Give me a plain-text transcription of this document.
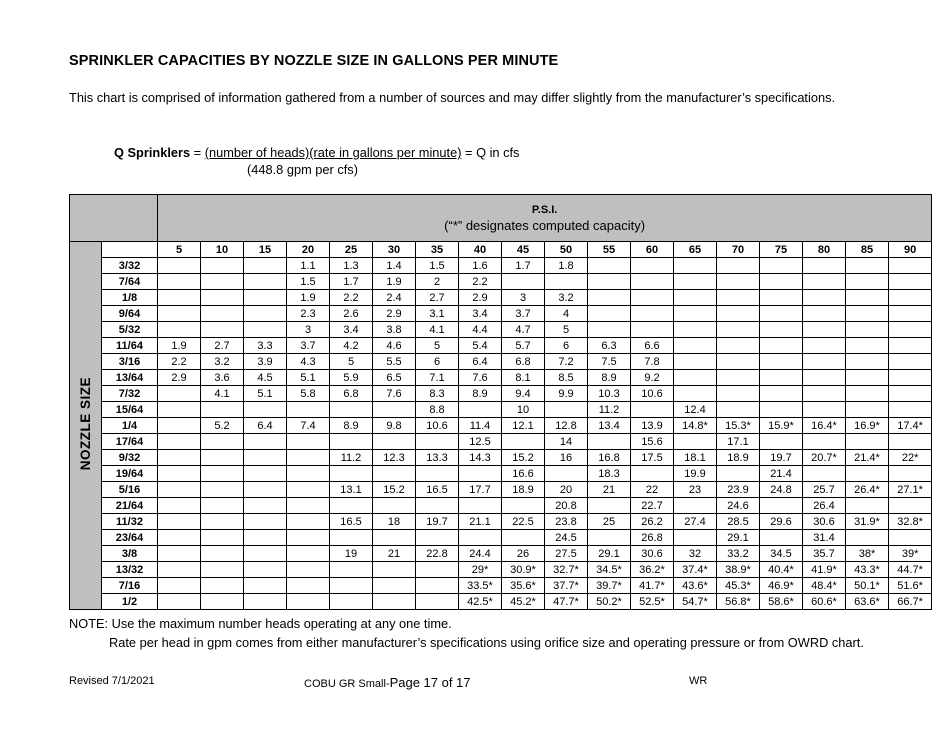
SPRINKLER CAPACITIES BY NOZZLE SIZE IN GALLONS PER MINUTE
This chart is comprised of information gathered from a number of sources and may differ slightly from the manufacturer’s specifications.
Q Sprinklers = (number of heads)(rate in gallons per minute) = Q in cfs
(448.8 gpm per cfs)

		P.S.I.
(“*” designates computed capacity)																	

NOZZLE SIZE		5	10	15	20	25	30	35	40	45	50	55	60	65	70	75	80	85	90
	3/32				1.1	1.3	1.4	1.5	1.6	1.7	1.8								
	7/64				1.5	1.7	1.9	2	2.2										
	1/8				1.9	2.2	2.4	2.7	2.9	3	3.2								
	9/64				2.3	2.6	2.9	3.1	3.4	3.7	4								
	5/32				3	3.4	3.8	4.1	4.4	4.7	5								
	11/64	1.9	2.7	3.3	3.7	4.2	4.6	5	5.4	5.7	6	6.3	6.6						
	3/16	2.2	3.2	3.9	4.3	5	5.5	6	6.4	6.8	7.2	7.5	7.8						
	13/64	2.9	3.6	4.5	5.1	5.9	6.5	7.1	7.6	8.1	8.5	8.9	9.2						
	7/32		4.1	5.1	5.8	6.8	7.6	8.3	8.9	9.4	9.9	10.3	10.6						
	15/64							8.8		10		11.2		12.4					
	1/4		5.2	6.4	7.4	8.9	9.8	10.6	11.4	12.1	12.8	13.4	13.9	14.8*	15.3*	15.9*	16.4*	16.9*	17.4*
	17/64								12.5		14		15.6		17.1				
	9/32					11.2	12.3	13.3	14.3	15.2	16	16.8	17.5	18.1	18.9	19.7	20.7*	21.4*	22*
	19/64									16.6		18.3		19.9		21.4			
	5/16					13.1	15.2	16.5	17.7	18.9	20	21	22	23	23.9	24.8	25.7	26.4*	27.1*
	21/64										20.8		22.7		24.6		26.4		
	11/32					16.5	18	19.7	21.1	22.5	23.8	25	26.2	27.4	28.5	29.6	30.6	31.9*	32.8*
	23/64										24.5		26.8		29.1		31.4		
	3/8					19	21	22.8	24.4	26	27.5	29.1	30.6	32	33.2	34.5	35.7	38*	39*
	13/32								29*	30.9*	32.7*	34.5*	36.2*	37.4*	38.9*	40.4*	41.9*	43.3*	44.7*
	7/16								33.5*	35.6*	37.7*	39.7*	41.7*	43.6*	45.3*	46.9*	48.4*	50.1*	51.6*
	1/2								42.5*	45.2*	47.7*	50.2*	52.5*	54.7*	56.8*	58.6*	60.6*	63.6*	66.7*
NOTE: Use the maximum number heads operating at any one time.
Rate per head in gpm comes from either manufacturer’s specifications using orifice size and operating pressure or from OWRD chart.
Revised 7/1/2021	COBU GR Small-Page 17 of 17	WR
